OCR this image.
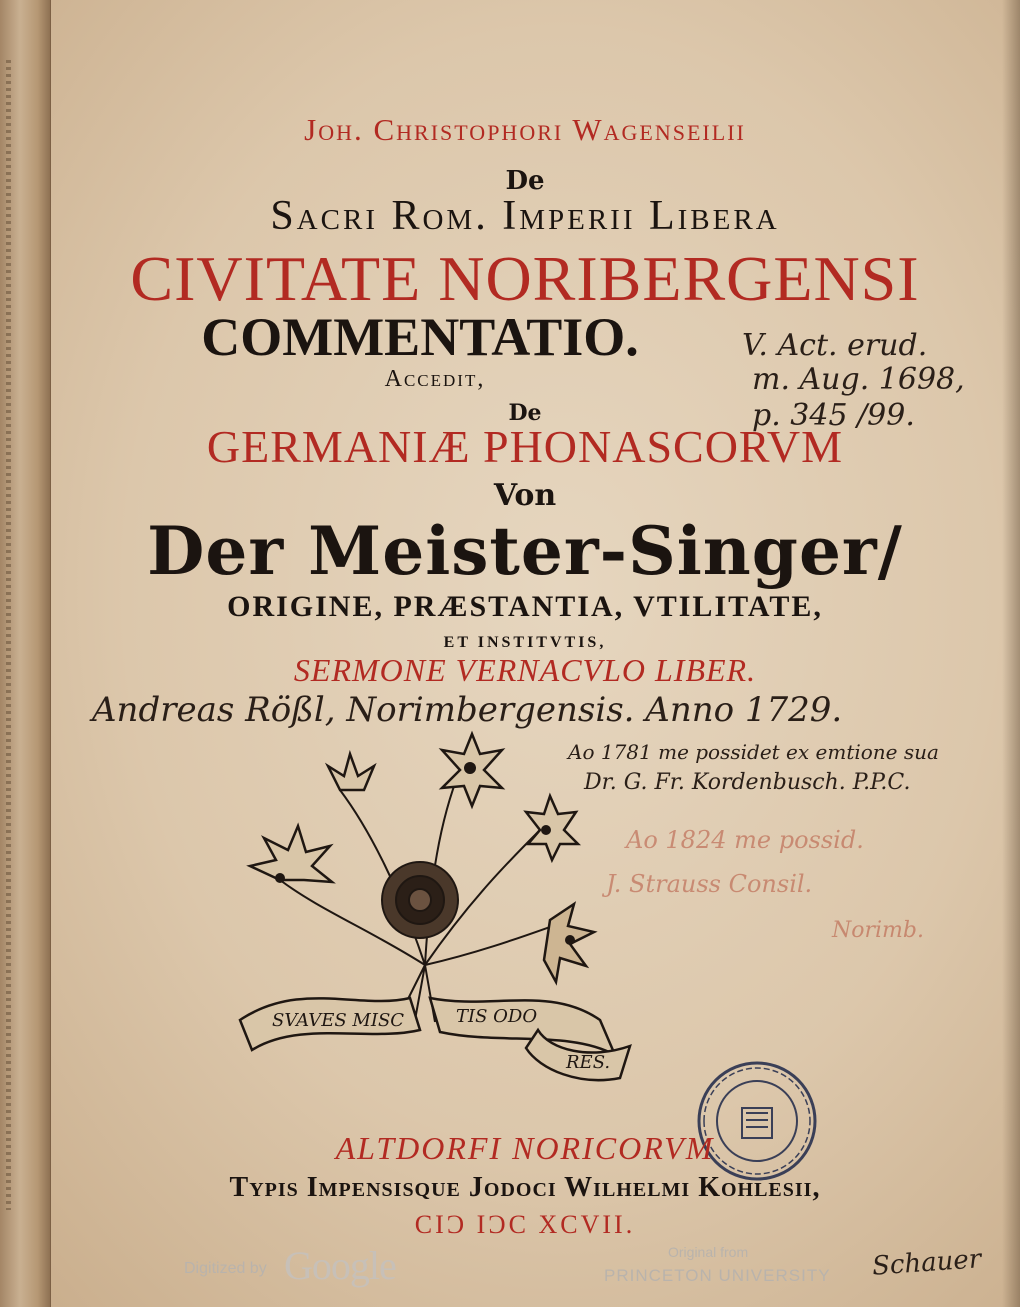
Joh. Christophori Wagenseilii
De
Sacri Rom. Imperii Libera
CIVITATE NORIBERGENSI
COMMENTATIO.
Accedit,
De
GERMANIÆ PHONASCORVM
Von
Der Meister-Singer/
ORIGINE, PRÆSTANTIA, VTILITATE,
ET INSTITVTIS,
SERMONE VERNACVLO LIBER.
V. Act. erud.
m. Aug. 1698,
p. 345 /99.
Andreas Rößl, Norimbergensis. Anno 1729.
Ao 1781 me possidet ex emtione sua
Dr. G. Fr. Kordenbusch. P.P.C.
Ao 1824 me possid.
J. Strauss Consil.
Norimb.
SVAVES MISC	TIS ODO
RES.
ALTDORFI NORICORVM
Typis Impensisque Jodoci Wilhelmi Kohlesii,
CIƆ IƆC XCVII.
Schauer
Digitized by Google	Original from
PRINCETON UNIVERSITY
